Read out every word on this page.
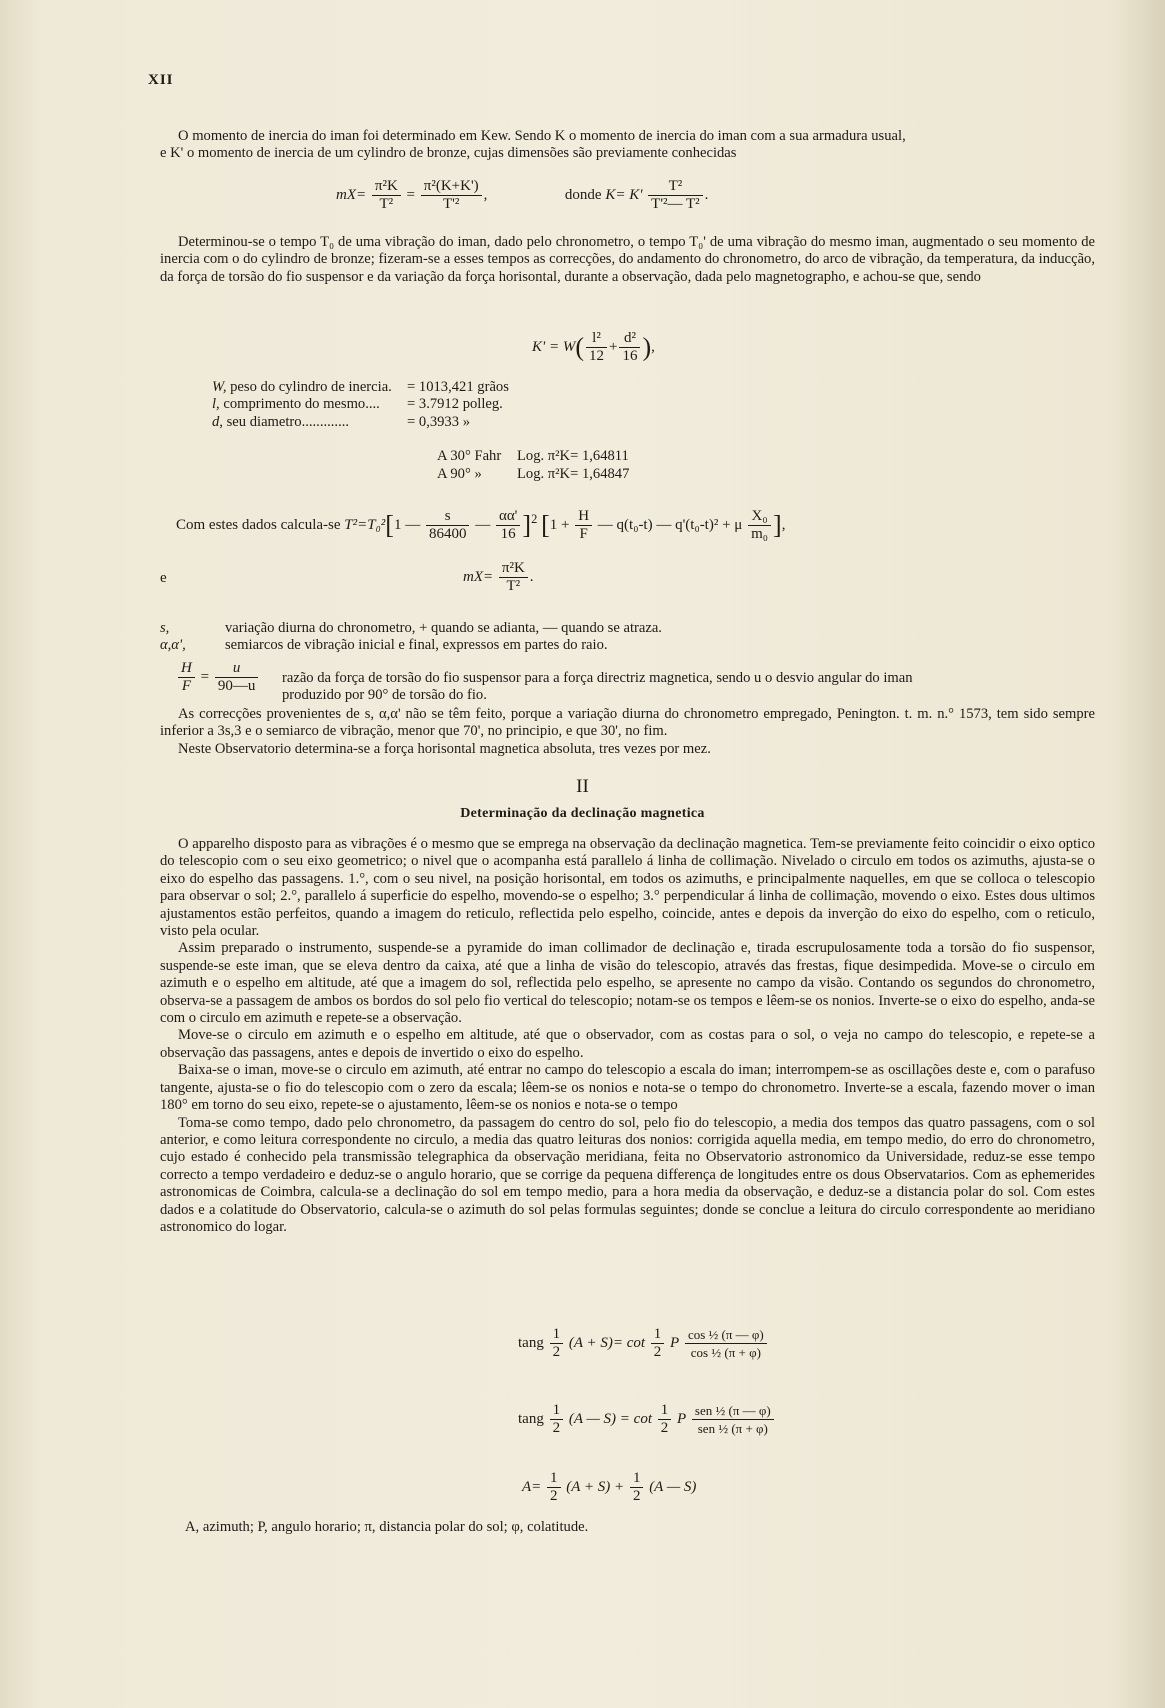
XII

O momento de inercia do iman foi determinado em Kew. Sendo K o momento de inercia do iman com a sua armadura usual,

e K' o momento de inercia de um cylindro de bronze, cujas dimensões são previamente conhecidas

$mX= \frac{\text{π²K}}{\text{T²}} = \frac{\text{π²(K+K')}}{\text{T'²}}$ ,	donde $K= K' \frac{\text{T²}}{\text{T'²— T²}}$ .

Determinou-se o tempo T₀ de uma vibração do iman, dado pelo chronometro, o tempo T₀' de uma vibração do mesmo iman, augmentado o seu momento de inercia com o do cylindro de bronze; fizeram-se a esses tempos as correcções, do andamento do chronometro, do arco de vibração, da temperatura, da inducção, da força de torsão do fio suspensor e da variação da força horisontal, durante a observação, dada pelo magnetographo, e achou-se que, sendo

$K' = W( \frac{\text{l²}}{12} + \frac{\text{d²}}{16}$ ),
W, peso do cylindro de inercia. = 1013,421 grãos
l, comprimento do mesmo.... = 3.7912 polleg.
d, seu diametro.............	= 0,3933 »
A 30° Fahr Log. π²K= 1,64811
A 90° » Log. π²K= 1,64847
Com estes dados calcula-se T²=T₀²[1 — $\frac{s}{86400}$ — $\frac{\alpha\alpha'}{16} ]^2$ [$1 + \frac{H}{F}$ — q(t₀-t) — q'(t₀-t)² + μ $\frac{\text{X₀}}{\text{m₀}}$ ],
e	$mX= \frac{\text{π²K}}{\text{T²}}$ .
s,	variação diurna do chronometro, + quando se adianta, — quando se atraza.
α,α',	semiarcos de vibração inicial e final, expressos em partes do raio.
$\frac{H}{F} = \frac{u}{90—u}$ razão da força de torsão do fio suspensor para a força directriz magnetica, sendo u o desvio angular do iman

produzido por 90° de torsão do fio.

As correcções provenientes de s, α,α' não se têm feito, porque a variação diurna do chronometro empregado, Penington. t. m. n.° 1573, tem sido sempre inferior a 3s,3 e o semiarco de vibração, menor que 70', no principio, e que 30', no fim.

Neste Observatorio determina-se a força horisontal magnetica absoluta, tres vezes por mez.

II
Determinação da declinação magnetica

O apparelho disposto para as vibrações é o mesmo que se emprega na observação da declinação magnetica. Tem-se previamente feito coincidir o eixo optico do telescopio com o seu eixo geometrico; o nivel que o acompanha está parallelo á linha de collimação. Nivelado o circulo em todos os azimuths, ajusta-se o eixo do espelho das passagens. 1.°, com o seu nivel, na posição horisontal, em todos os azimuths, e principalmente naquelles, em que se colloca o telescopio para observar o sol; 2.°, parallelo á superficie do espelho, movendo-se o espelho; 3.° perpendicular á linha de collimação, movendo o eixo. Estes dous ultimos ajustamentos estão perfeitos, quando a imagem do reticulo, reflectida pelo espelho, coincide, antes e depois da inverção do eixo do espelho, com o reticulo, visto pela ocular.

Assim preparado o instrumento, suspende-se a pyramide do iman collimador de declinação e, tirada escrupulosamente toda a torsão do fio suspensor, suspende-se este iman, que se eleva dentro da caixa, até que a linha de visão do telescopio, através das frestas, fique desimpedida. Move-se o circulo em azimuth e o espelho em altitude, até que a imagem do sol, reflectida pelo espelho, se apresente no campo da visão. Contando os segundos do chronometro, observa-se a passagem de ambos os bordos do sol pelo fio vertical do telescopio; notam-se os tempos e lêem-se os nonios. Inverte-se o eixo do espelho, anda-se com o circulo em azimuth e repete-se a observação.

Move-se o circulo em azimuth e o espelho em altitude, até que o observador, com as costas para o sol, o veja no campo do telescopio, e repete-se a observação das passagens, antes e depois de invertido o eixo do espelho.

Baixa-se o iman, move-se o circulo em azimuth, até entrar no campo do telescopio a escala do iman; interrompem-se as oscillações deste e, com o parafuso tangente, ajusta-se o fio do telescopio com o zero da escala; lêem-se os nonios e nota-se o tempo do chronometro. Inverte-se a escala, fazendo mover o iman 180° em torno do seu eixo, repete-se o ajustamento, lêem-se os nonios e nota-se o tempo

Toma-se como tempo, dado pelo chronometro, da passagem do centro do sol, pelo fio do telescopio, a media dos tempos das quatro passagens, com o sol anterior, e como leitura correspondente no circulo, a media das quatro leituras dos nonios: corrigida aquella media, em tempo medio, do erro do chronometro, cujo estado é conhecido pela transmissão telegraphica da observação meridiana, feita no Observatorio astronomico da Universidade, reduz-se esse tempo correcto a tempo verdadeiro e deduz-se o angulo horario, que se corrige da pequena differença de longitudes entre os dous Observatarios. Com as ephemerides astronomicas de Coimbra, calcula-se a declinação do sol em tempo medio, para a hora media da observação, e deduz-se a distancia polar do sol. Com estes dados e a colatitude do Observatorio, calcula-se o azimuth do sol pelas formulas seguintes; donde se conclue a leitura do circulo correspondente ao meridiano astronomico do logar.

tang $\frac{1}{2} (A + S)= \cot \frac{1}{2}$ P $\frac{\text{cos ½ (π — φ)}}{\text{cos ½ (π + φ)}}$
tang $\frac{1}{2} (A$ — $S) = \cot \frac{1}{2}$ P $\frac{\text{sen ½ (π — φ)}}{\text{sen ½ (π + φ)}}$
$A= \frac{1}{2} (A + S) + \frac{1}{2} (A$ — S)
A, azimuth; P, angulo horario; π, distancia polar do sol; φ, colatitude.
